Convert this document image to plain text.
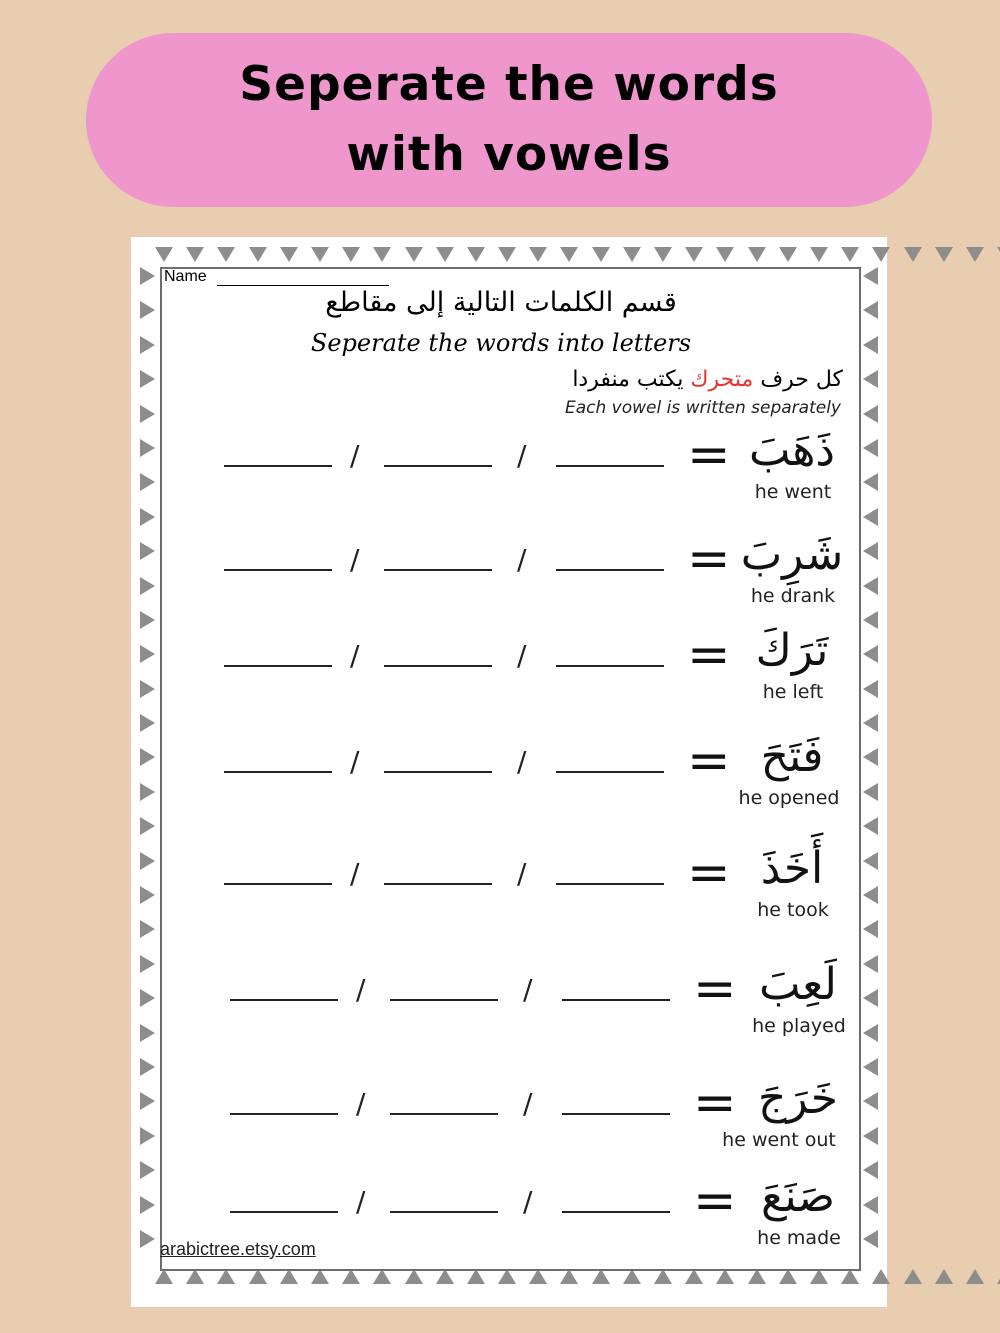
Seperate the words with vowels
Name
قسم الكلمات التالية إلى مقاطع
Seperate the words into letters
كل حرف متحرك يكتب منفردا
Each vowel is written separately
/	/	= ذَهَبَ
he went
/	/	= شَرِبَ
he drank
/	/	= تَرَكَ
he left
/	/	= فَتَحَ
he opened
/	/	= أَخَذَ
he took
/	/	= لَعِبَ
he played
/	/	= خَرَجَ
he went out
/	/	= صَنَعَ
he made
arabictree.etsy.com
